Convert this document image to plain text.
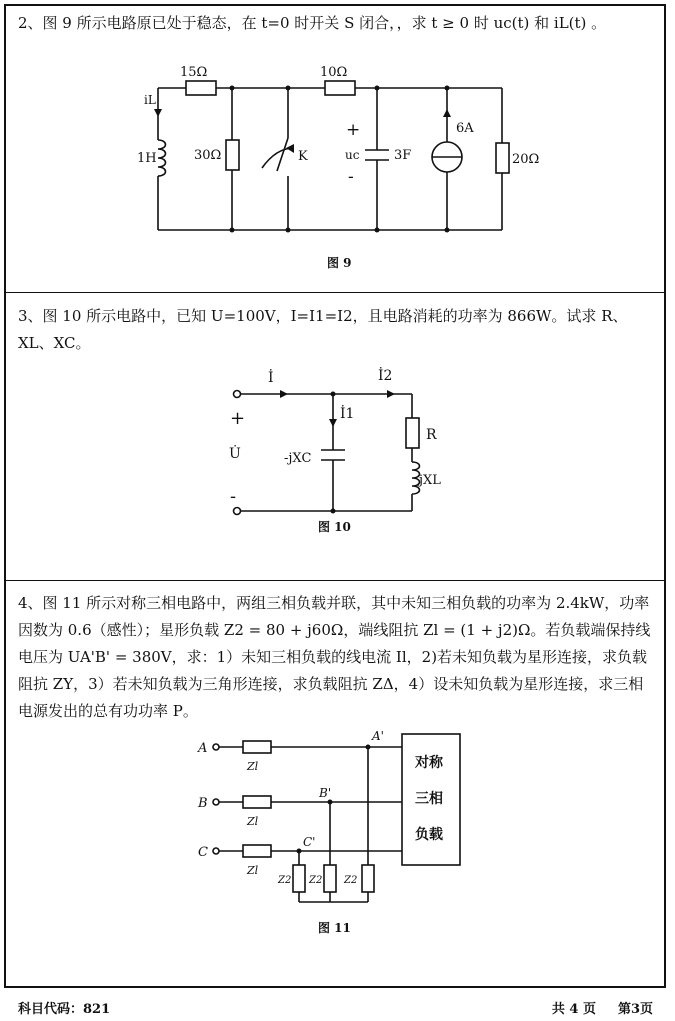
2、图 9 所示电路原已处于稳态，在 t=0 时开关 S 闭合，，求 t ≥ 0 时 uc(t) 和 iL(t) 。
15Ω	10Ω
iL
1H	30Ω	K
+
uc
-
3F
6A
20Ω
图 9
3、图 10 所示电路中，已知 U=100V，I=I1=I2，且电路消耗的功率为 866W。试求 R、XL、XC。
İ	İ2
İ1
+
U̇
-
-jXC
R
jXL
图 10
4、图 11 所示对称三相电路中，两组三相负载并联，其中未知三相负载的功率为 2.4kW，功率因数为 0.6（感性）；星形负载 Z2 = 80 + j60Ω，端线阻抗 Zl = (1 + j2)Ω。若负载端保持线电压为 UA'B' = 380V，求：1）未知三相负载的线电流 Il，2)若未知负载为星形连接，求负载阻抗 ZY，3）若未知负载为三角形连接，求负载阻抗 ZΔ，4）设未知负载为星形连接，求三相电源发出的总有功功率 P。
A
B
C
A'
B'
C'
Zl
Zl
Zl
Z2 Z2 Z2
对称
三相
负载
图 11
科目代码：821	共 4 页 第3页
